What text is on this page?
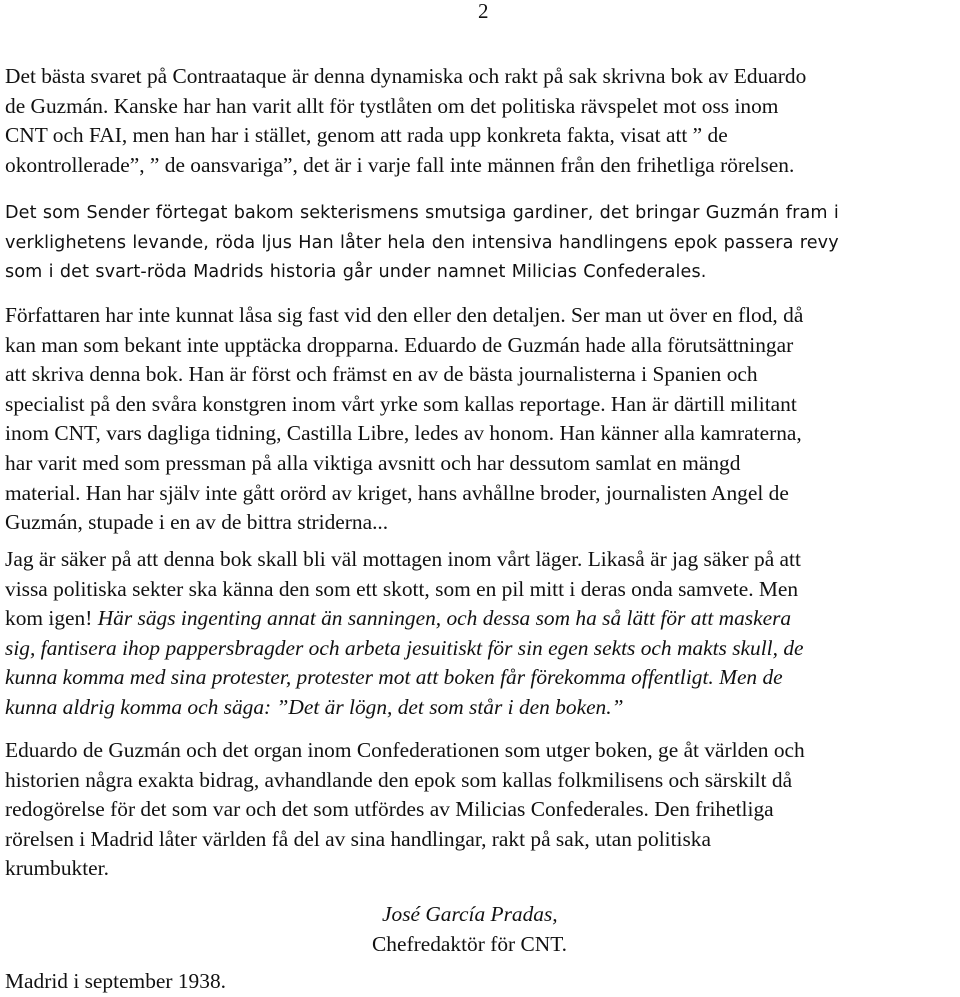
2

Det bästa svaret på Contraataque är denna dynamiska och rakt på sak skrivna bok av Eduardo
de Guzmán. Kanske har han varit allt för tystlåten om det politiska rävspelet mot oss inom
CNT och FAI, men han har i stället, genom att rada upp konkreta fakta, visat att ” de
okontrollerade”, ” de oansvariga”, det är i varje fall inte männen från den frihetliga rörelsen.

Det som Sender förtegat bakom sekterismens smutsiga gardiner, det bringar Guzmán fram i
verklighetens levande, röda ljus Han låter hela den intensiva handlingens epok passera revy
som i det svart-röda Madrids historia går under namnet Milicias Confederales.

Författaren har inte kunnat låsa sig fast vid den eller den detaljen. Ser man ut över en flod, då
kan man som bekant inte upptäcka dropparna. Eduardo de Guzmán hade alla förutsättningar
att skriva denna bok. Han är först och främst en av de bästa journalisterna i Spanien och
specialist på den svåra konstgren inom vårt yrke som kallas reportage. Han är därtill militant
inom CNT, vars dagliga tidning, Castilla Libre, ledes av honom. Han känner alla kamraterna,
har varit med som pressman på alla viktiga avsnitt och har dessutom samlat en mängd
material. Han har själv inte gått orörd av kriget, hans avhållne broder, journalisten Angel de
Guzmán, stupade i en av de bittra striderna...

Jag är säker på att denna bok skall bli väl mottagen inom vårt läger. Likaså är jag säker på att
vissa politiska sekter ska känna den som ett skott, som en pil mitt i deras onda samvete. Men
kom igen! Här sägs ingenting annat än sanningen, och dessa som ha så lätt för att maskera
sig, fantisera ihop pappersbragder och arbeta jesuitiskt för sin egen sekts och makts skull, de
kunna komma med sina protester, protester mot att boken får förekomma offentligt. Men de
kunna aldrig komma och säga: ”Det är lögn, det som står i den boken.”

Eduardo de Guzmán och det organ inom Confederationen som utger boken, ge åt världen och
historien några exakta bidrag, avhandlande den epok som kallas folkmilisens och särskilt då
redogörelse för det som var och det som utfördes av Milicias Confederales. Den frihetliga
rörelsen i Madrid låter världen få del av sina handlingar, rakt på sak, utan politiska
krumbukter.

José García Pradas,
Chefredaktör för CNT.
Madrid i september 1938.
